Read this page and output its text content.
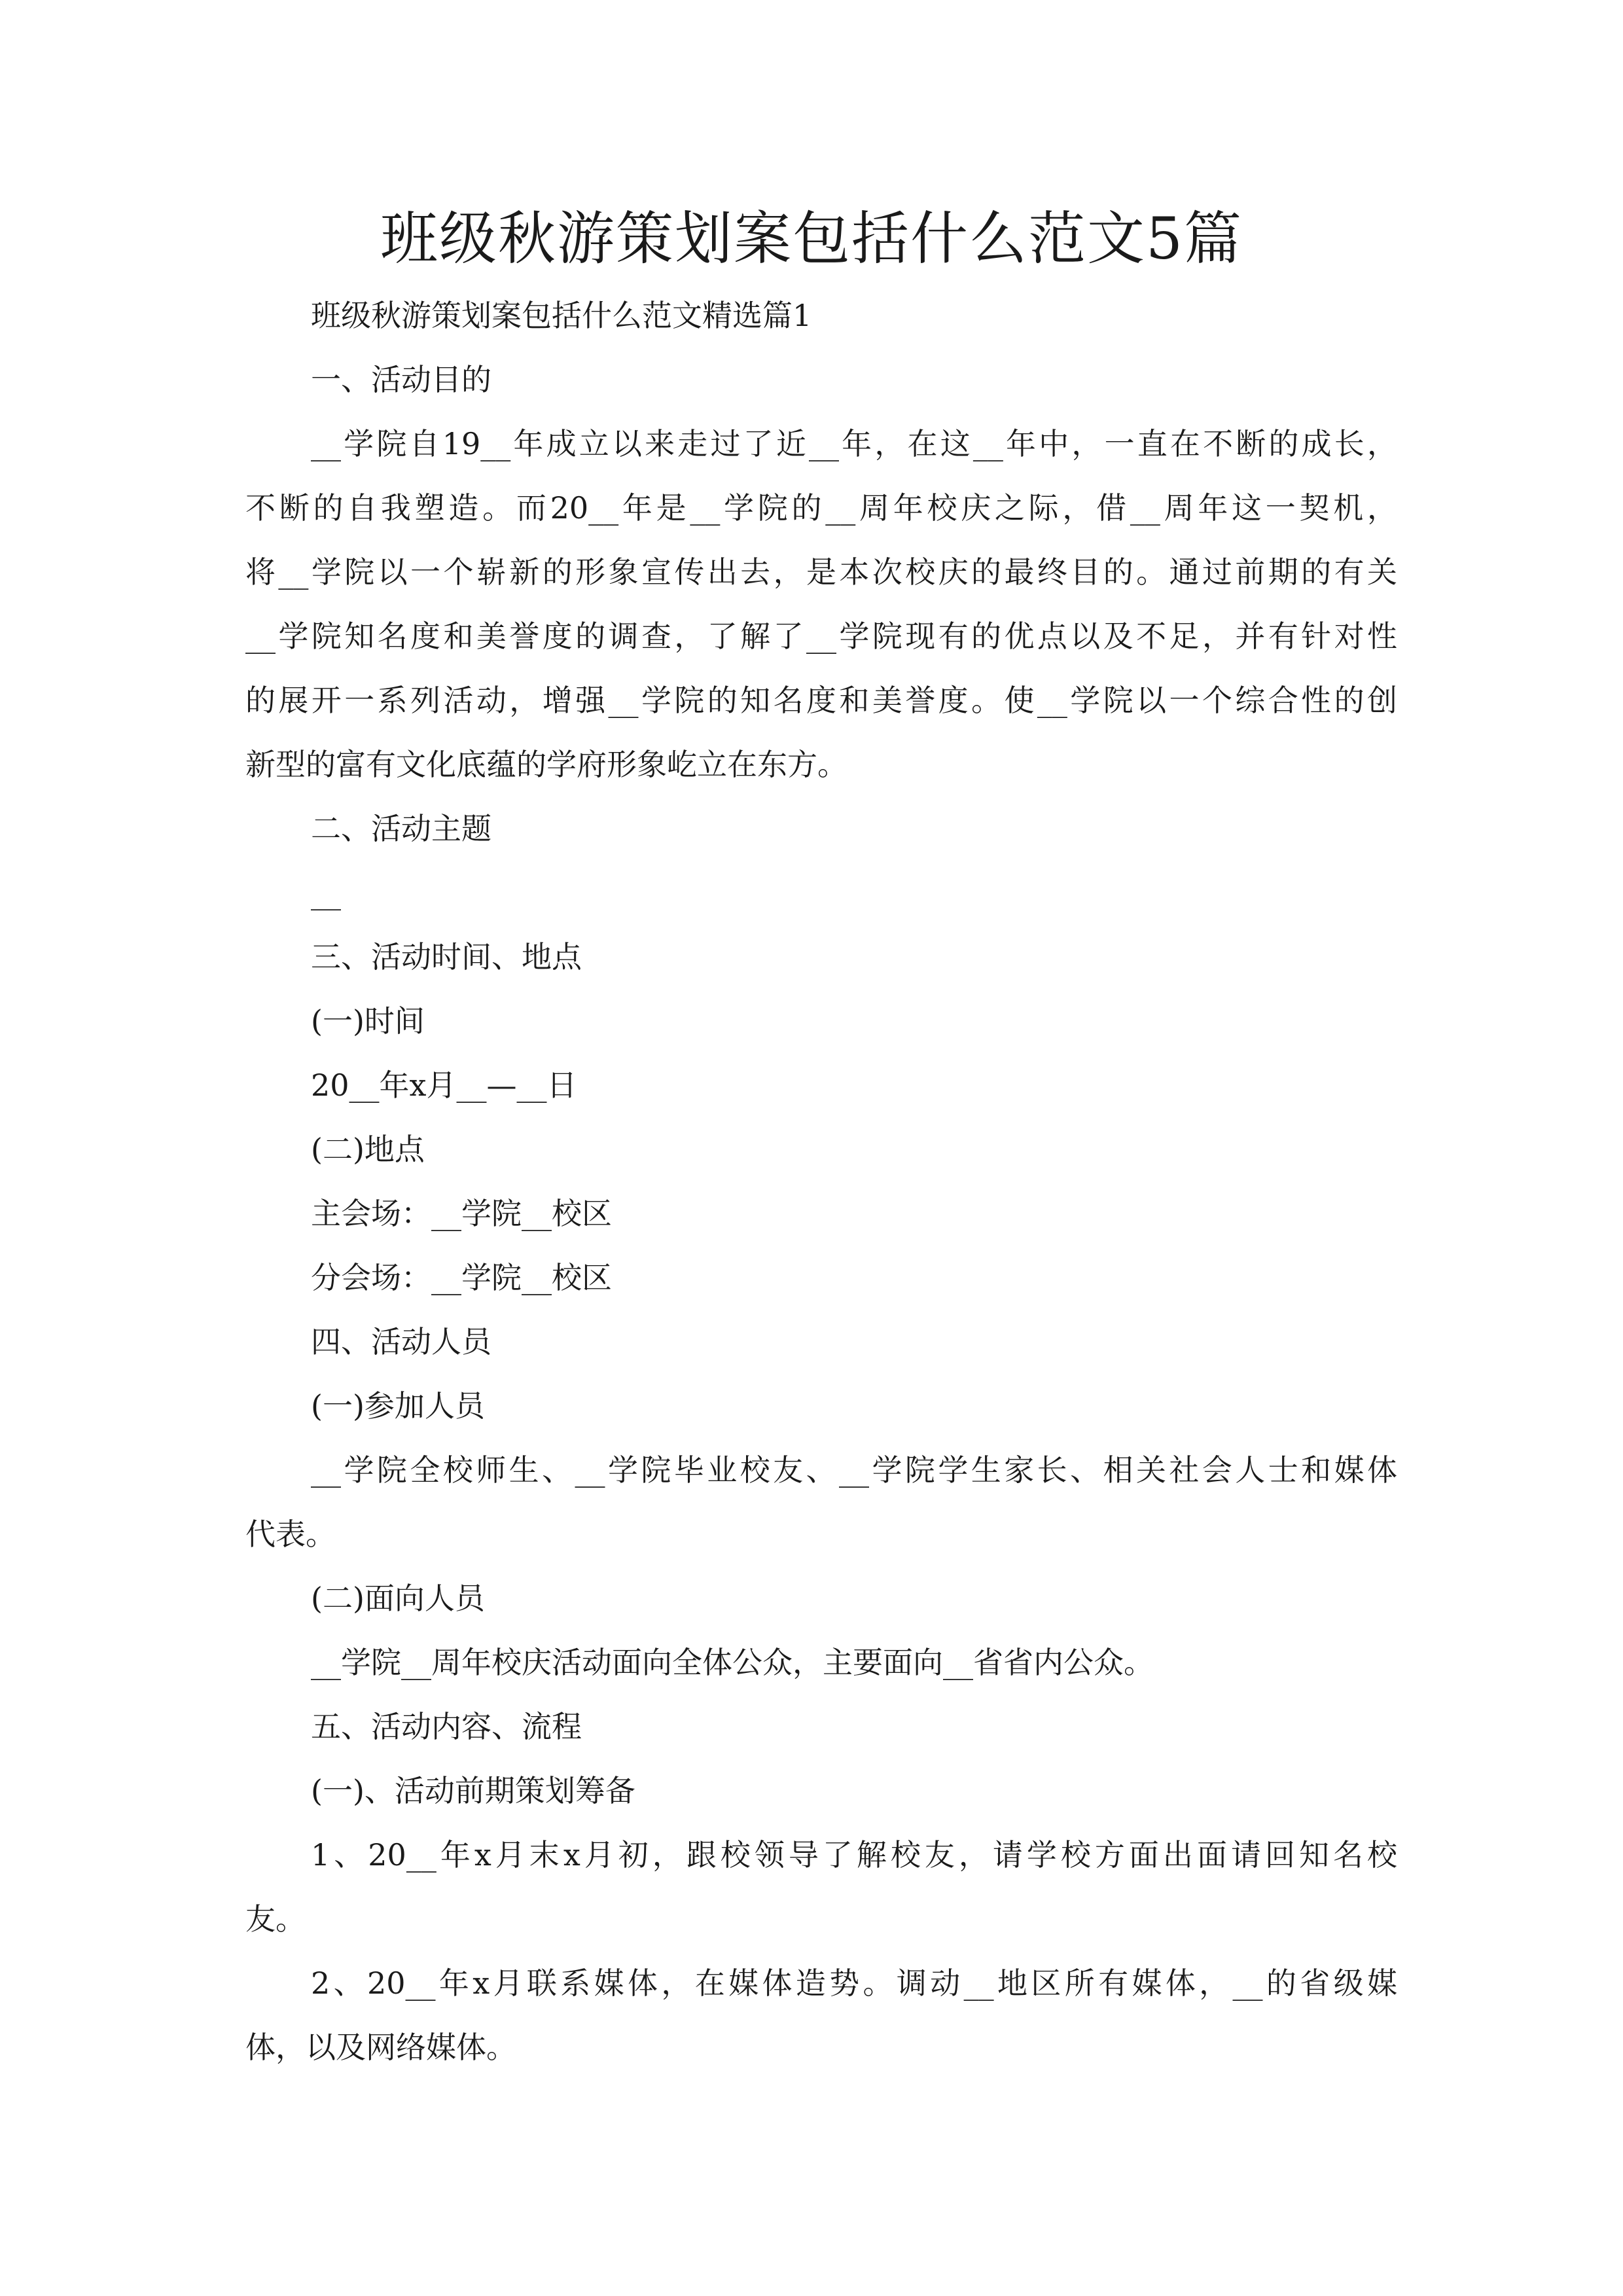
班级秋游策划案包括什么范文5篇

班级秋游策划案包括什么范文精选篇1

一、活动目的

__学院自19__年成立以来走过了近__年，在这__年中，一直在不断的成长，

不断的自我塑造。而20__年是__学院的__周年校庆之际，借__周年这一契机，

将__学院以一个崭新的形象宣传出去，是本次校庆的最终目的。通过前期的有关

__学院知名度和美誉度的调查，了解了__学院现有的优点以及不足，并有针对性

的展开一系列活动，增强__学院的知名度和美誉度。使__学院以一个综合性的创

新型的富有文化底蕴的学府形象屹立在东方。

二、活动主题

__

三、活动时间、地点

(一)时间

20__年x月__—__日

(二)地点

主会场：__学院__校区

分会场：__学院__校区

四、活动人员

(一)参加人员

__学院全校师生、__学院毕业校友、__学院学生家长、相关社会人士和媒体

代表。

(二)面向人员

__学院__周年校庆活动面向全体公众，主要面向__省省内公众。

五、活动内容、流程

(一)、活动前期策划筹备

1、20__年x月末x月初，跟校领导了解校友，请学校方面出面请回知名校

友。

2、20__年x月联系媒体，在媒体造势。调动__地区所有媒体，__的省级媒

体，以及网络媒体。
